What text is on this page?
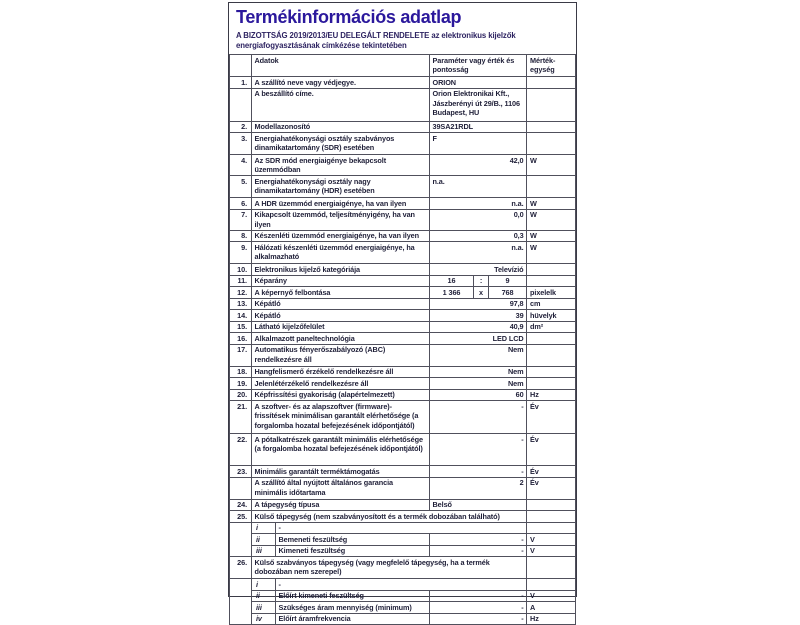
Termékinformációs adatlap
A BIZOTTSÁG 2019/2013/EU DELEGÁLT RENDELETE az elektronikus kijelzők energiafogyasztásának címkézése tekintetében
	Adatok		Paraméter vagy érték és pontosság			Mérték-egység
1.	A szállító neve vagy védjegye.		ORION			
	A beszállító címe.		Orion Elektronikai Kft.,
Jászberényi út 29/B., 1106
Budapest, HU			

2.	Modellazonosító		39SA21RDL			
3.	Energiahatékonysági osztály szabványos dinamikatartomány (SDR) esetében		F			
4.	Az SDR mód energiaigénye bekapcsolt üzemmódban		42,0			W
5.	Energiahatékonysági osztály nagy dinamikatartomány (HDR) esetében		n.a.			
6.	A HDR üzemmód energiaigénye, ha van ilyen		n.a.			W
7.	Kikapcsolt üzemmód, teljesítményigény, ha van ilyen		0,0			W
8.	Készenléti üzemmód energiaigénye, ha van ilyen		0,3			W
9.	Hálózati készenléti üzemmód energiaigénye, ha alkalmazható		n.a.			W
10.	Elektronikus kijelző kategóriája		Televízió			
11.	Képarány		16	:	9	
12.	A képernyő felbontása		1 366	x	768	pixelelk
13.	Képátló		97,8			cm
14.	Képátló		39			hüvelyk
15.	Látható kijelzőfelület		40,9			dm²
16.	Alkalmazott paneltechnológia		LED LCD			
17.	Automatikus fényerőszabályozó (ABC) rendelkezésre áll		Nem			
18.	Hangfelismerő érzékelő rendelkezésre áll		Nem			
19.	Jelenlétérzékelő rendelkezésre áll		Nem			
20.	Képfrissítési gyakoriság (alapértelmezett)		60			Hz
21.	A szoftver- és az alapszoftver (firmware)-frissítések minimálisan garantált elérhetősége (a forgalomba hozatal befejezésének időpontjától)		-			Év
22.	A pótalkatrészek garantált minimális elérhetősége (a forgalomba hozatal befejezésének időpontjától)		-			Év
23.	Minimális garantált terméktámogatás		-			Év
	A szállító által nyújtott általános garancia minimális időtartama		2			Év
24.	A tápegység típusa		Belső			
25.	Külső tápegység (nem szabványosított és a termék dobozában található)					
	i	-				
	ii	Bemeneti feszültség	-			V
	iii	Kimeneti feszültség	-			V
26.	Külső szabványos tápegység (vagy megfelelő tápegység, ha a termék dobozában nem szerepel)					
	i	-				
	ii	Előírt kimeneti feszültség	-			V
	iii	Szükséges áram mennyiség (minimum)	-			A
	iv	Előírt áramfrekvencia	-			Hz
